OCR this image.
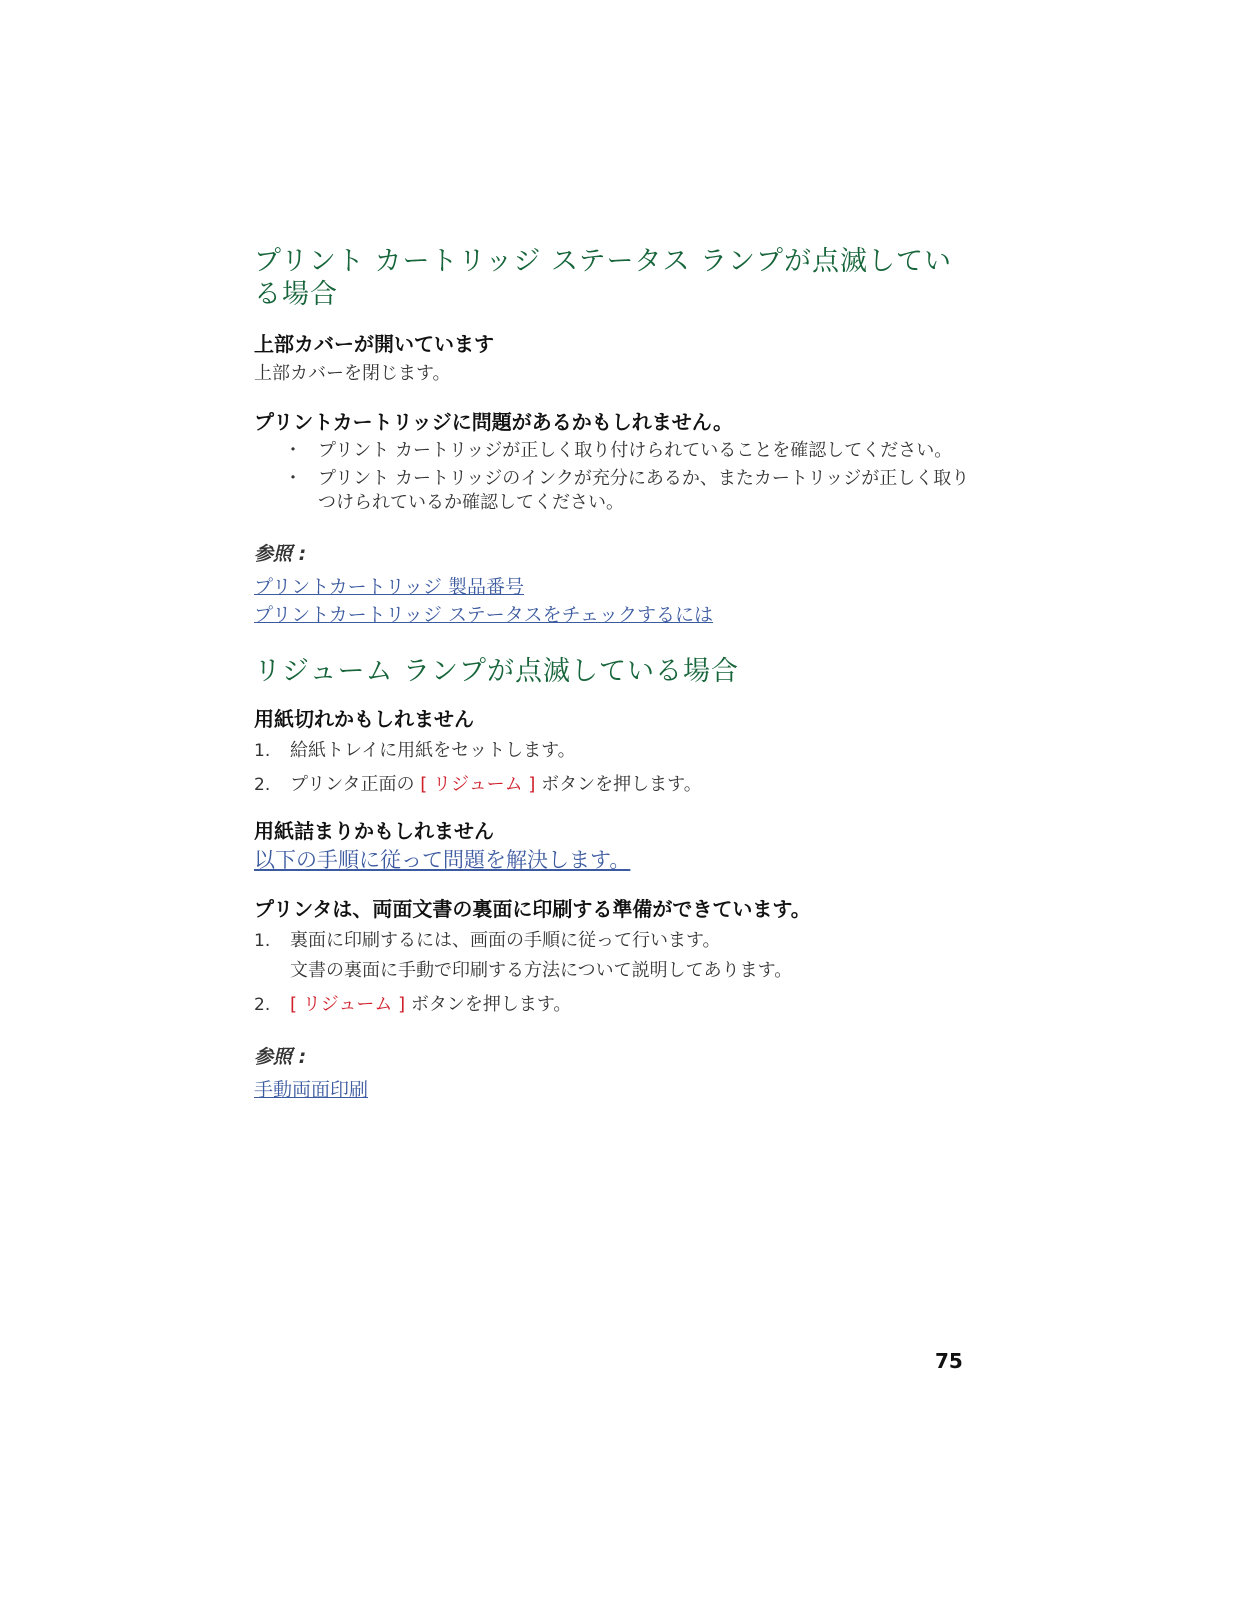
プリント カートリッジ ステータス ランプが点滅している場合
上部カバーが開いています

上部カバーを閉じます。

プリントカートリッジに問題があるかもしれません。
・ プリント カートリッジが正しく取り付けられていることを確認してください。
・ プリント カートリッジのインクが充分にあるか、またカートリッジが正しく取りつけられているか確認してください。

参照 :

プリントカートリッジ 製品番号
プリントカートリッジ ステータスをチェックするには
リジューム ランプが点滅している場合
用紙切れかもしれません
1. 給紙トレイに用紙をセットします。
2. プリンタ正面の [ リジューム ] ボタンを押します。
用紙詰まりかもしれません
以下の手順に従って問題を解決します。
プリンタは、両面文書の裏面に印刷する準備ができています。
1. 裏面に印刷するには、画面の手順に従って行います。
文書の裏面に手動で印刷する方法について説明してあります。
2. [ リジューム ] ボタンを押します。

参照 :

手動両面印刷
75
